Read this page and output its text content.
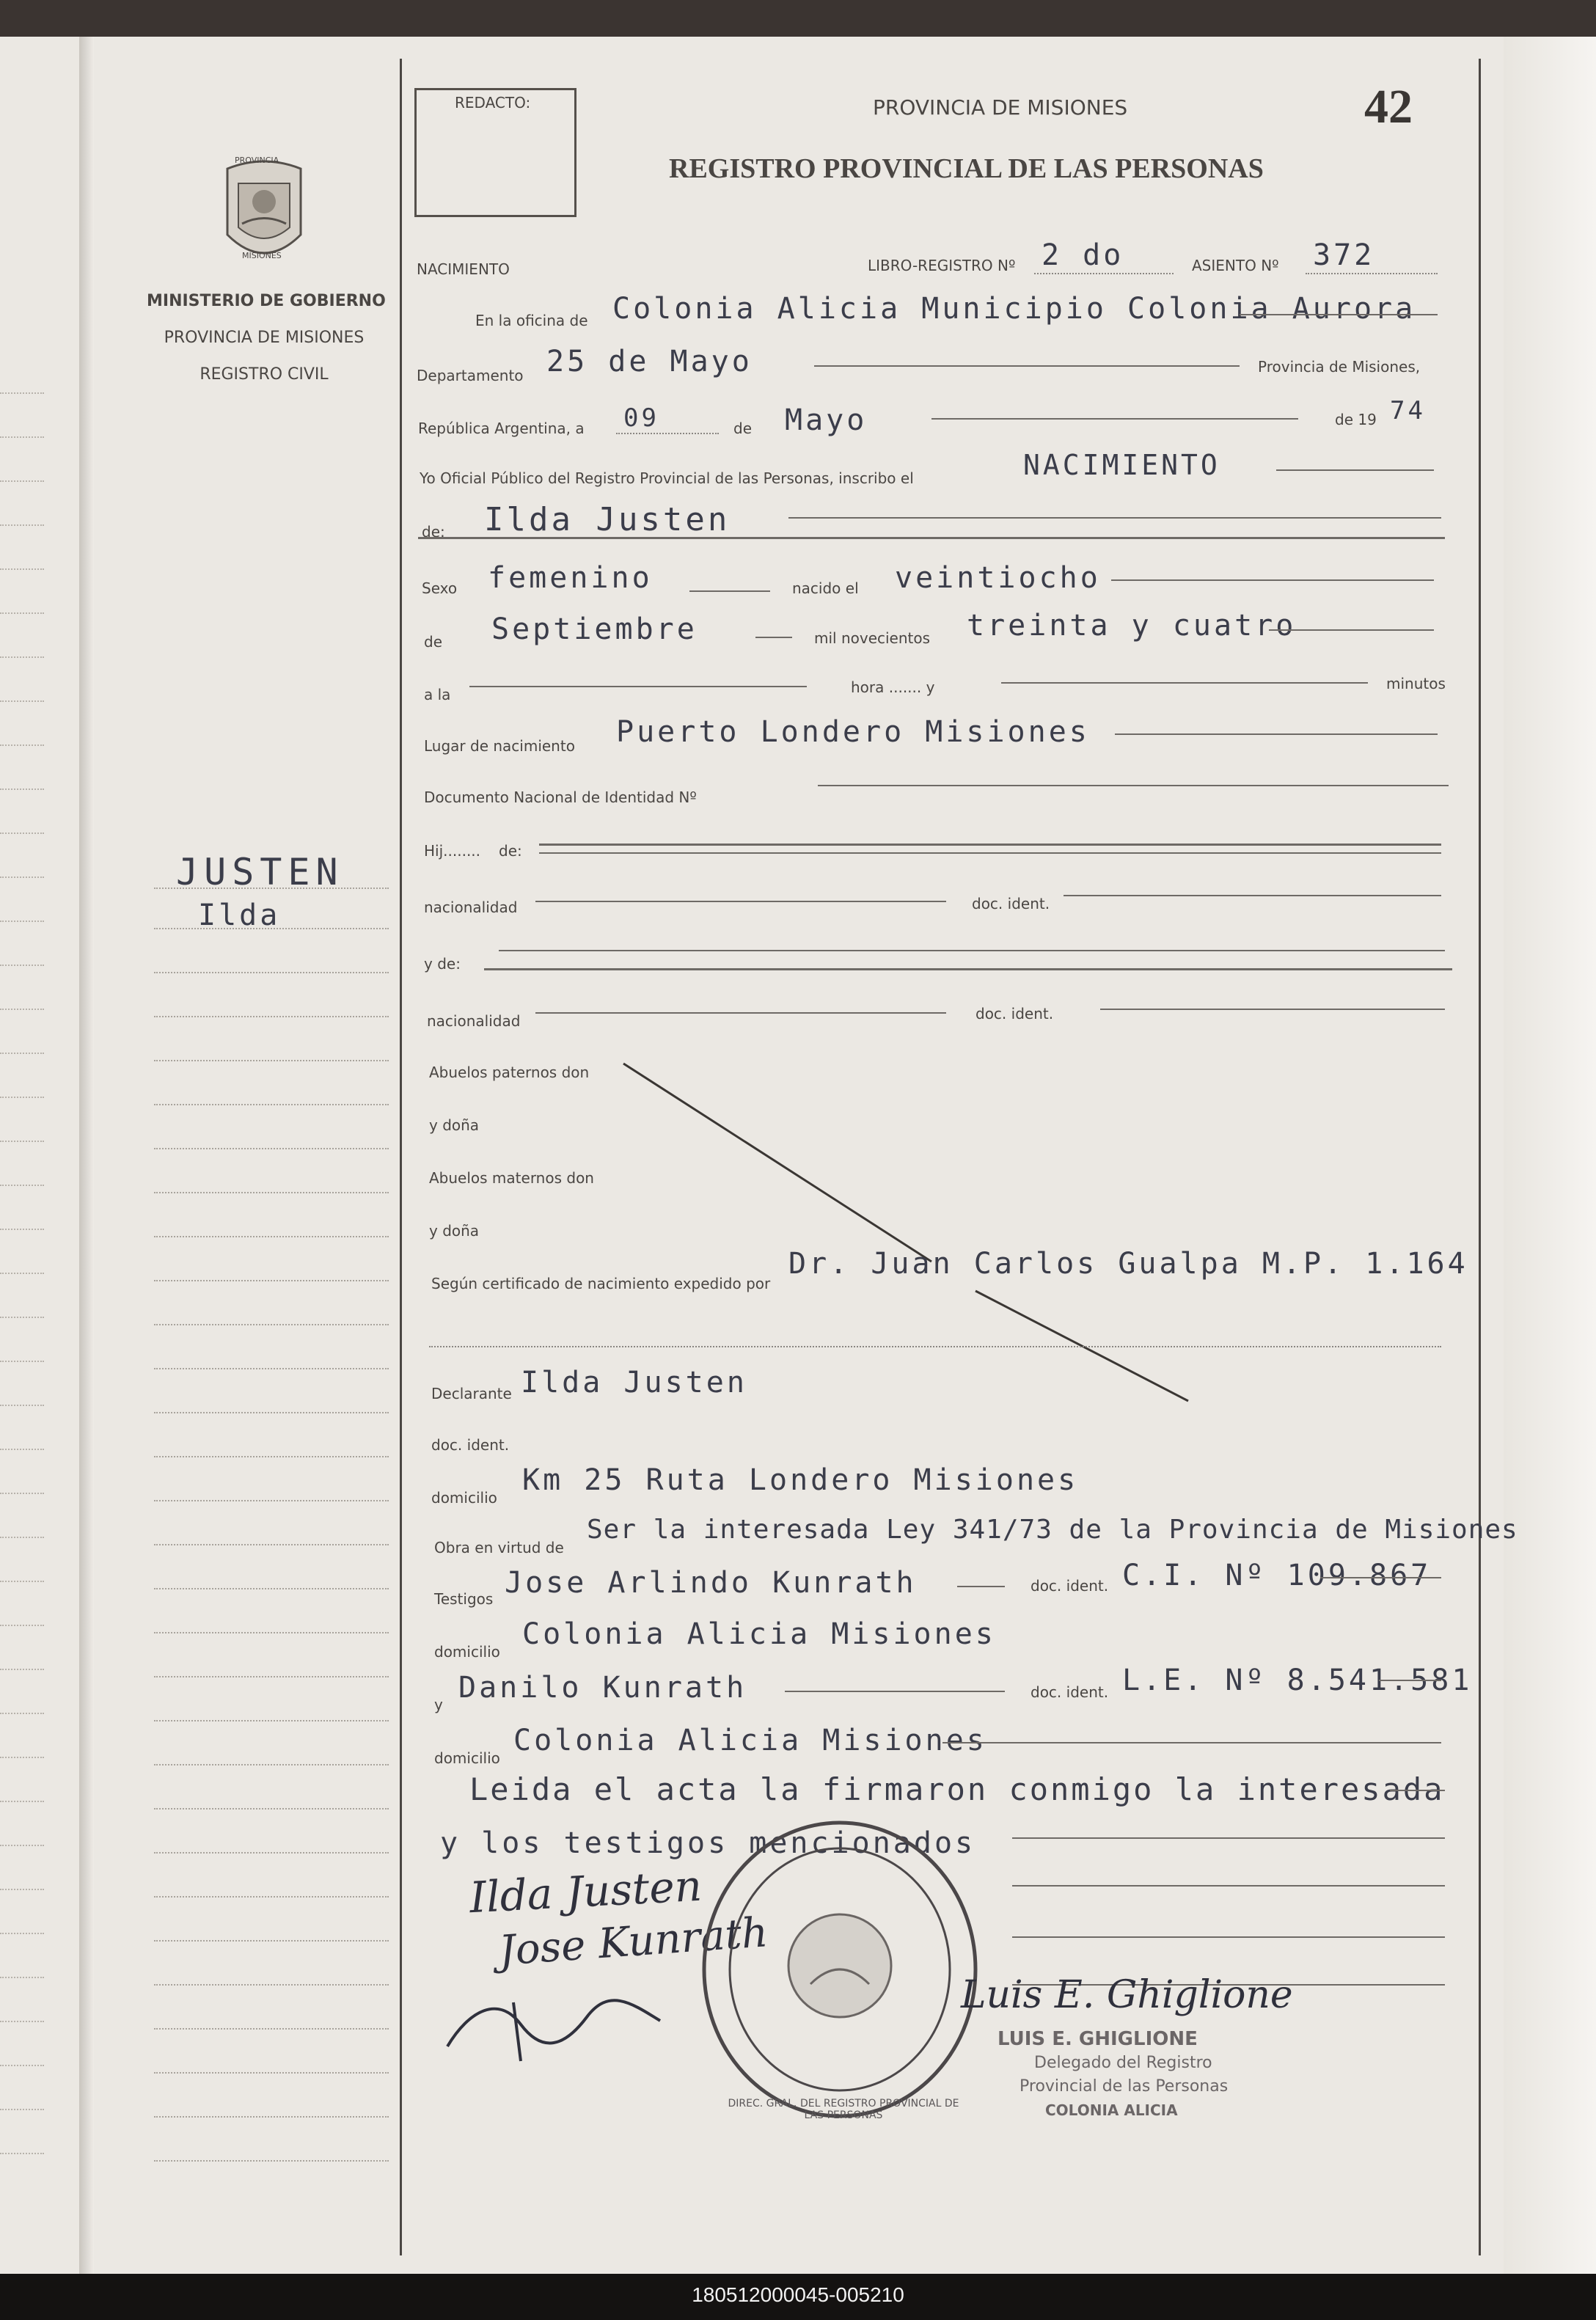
PROVINCIA
MISIONES
MINISTERIO DE GOBIERNO
PROVINCIA DE MISIONES
REGISTRO CIVIL
JUSTEN
Ilda
REDACTO:	PROVINCIA DE MISIONES
REGISTRO PROVINCIAL DE LAS PERSONAS
42
NACIMIENTO	LIBRO-REGISTRO Nº 2 do	ASIENTO Nº 372
En la oficina de Colonia Alicia Municipio Colonia Aurora
Departamento 25 de Mayo	Provincia de Misiones,
República Argentina, a 09	de Mayo	de 19 74
Yo Oficial Público del Registro Provincial de las Personas, inscribo el	NACIMIENTO
de: Ilda Justen
Sexo femenino	nacido el veintiocho
de Septiembre	mil novecientos treinta y cuatro
a la	hora ....... y	minutos
Lugar de nacimiento Puerto Londero Misiones
Documento Nacional de Identidad Nº
Hij........ de:
nacionalidad	doc. ident.
y de:
nacionalidad	doc. ident.
Abuelos paternos don
y doña
Abuelos maternos don
y doña
Según certificado de nacimiento expedido por
Dr. Juan Carlos Gualpa M.P. 1.164
Declarante Ilda Justen
doc. ident.
domicilio
Km 25 Ruta Londero Misiones
Obra en virtud de
Ser la interesada Ley 341/73 de la Provincia de Misiones
Testigos Jose Arlindo Kunrath	doc. ident. C.I. Nº 109.867
domicilio
Colonia Alicia Misiones
y Danilo Kunrath	doc. ident. L.E. Nº 8.541.581
domicilio
Colonia Alicia Misiones
Leida el acta la firmaron conmigo la interesada
y los testigos mencionados
Ilda Justen
Jose Kunrath
DIREC. GRAL. DEL REGISTRO PROVINCIAL DE LAS PERSONAS
Luis E. Ghiglione
LUIS E. GHIGLIONE
Delegado del Registro
Provincial de las Personas
COLONIA ALICIA
180512000045-005210
